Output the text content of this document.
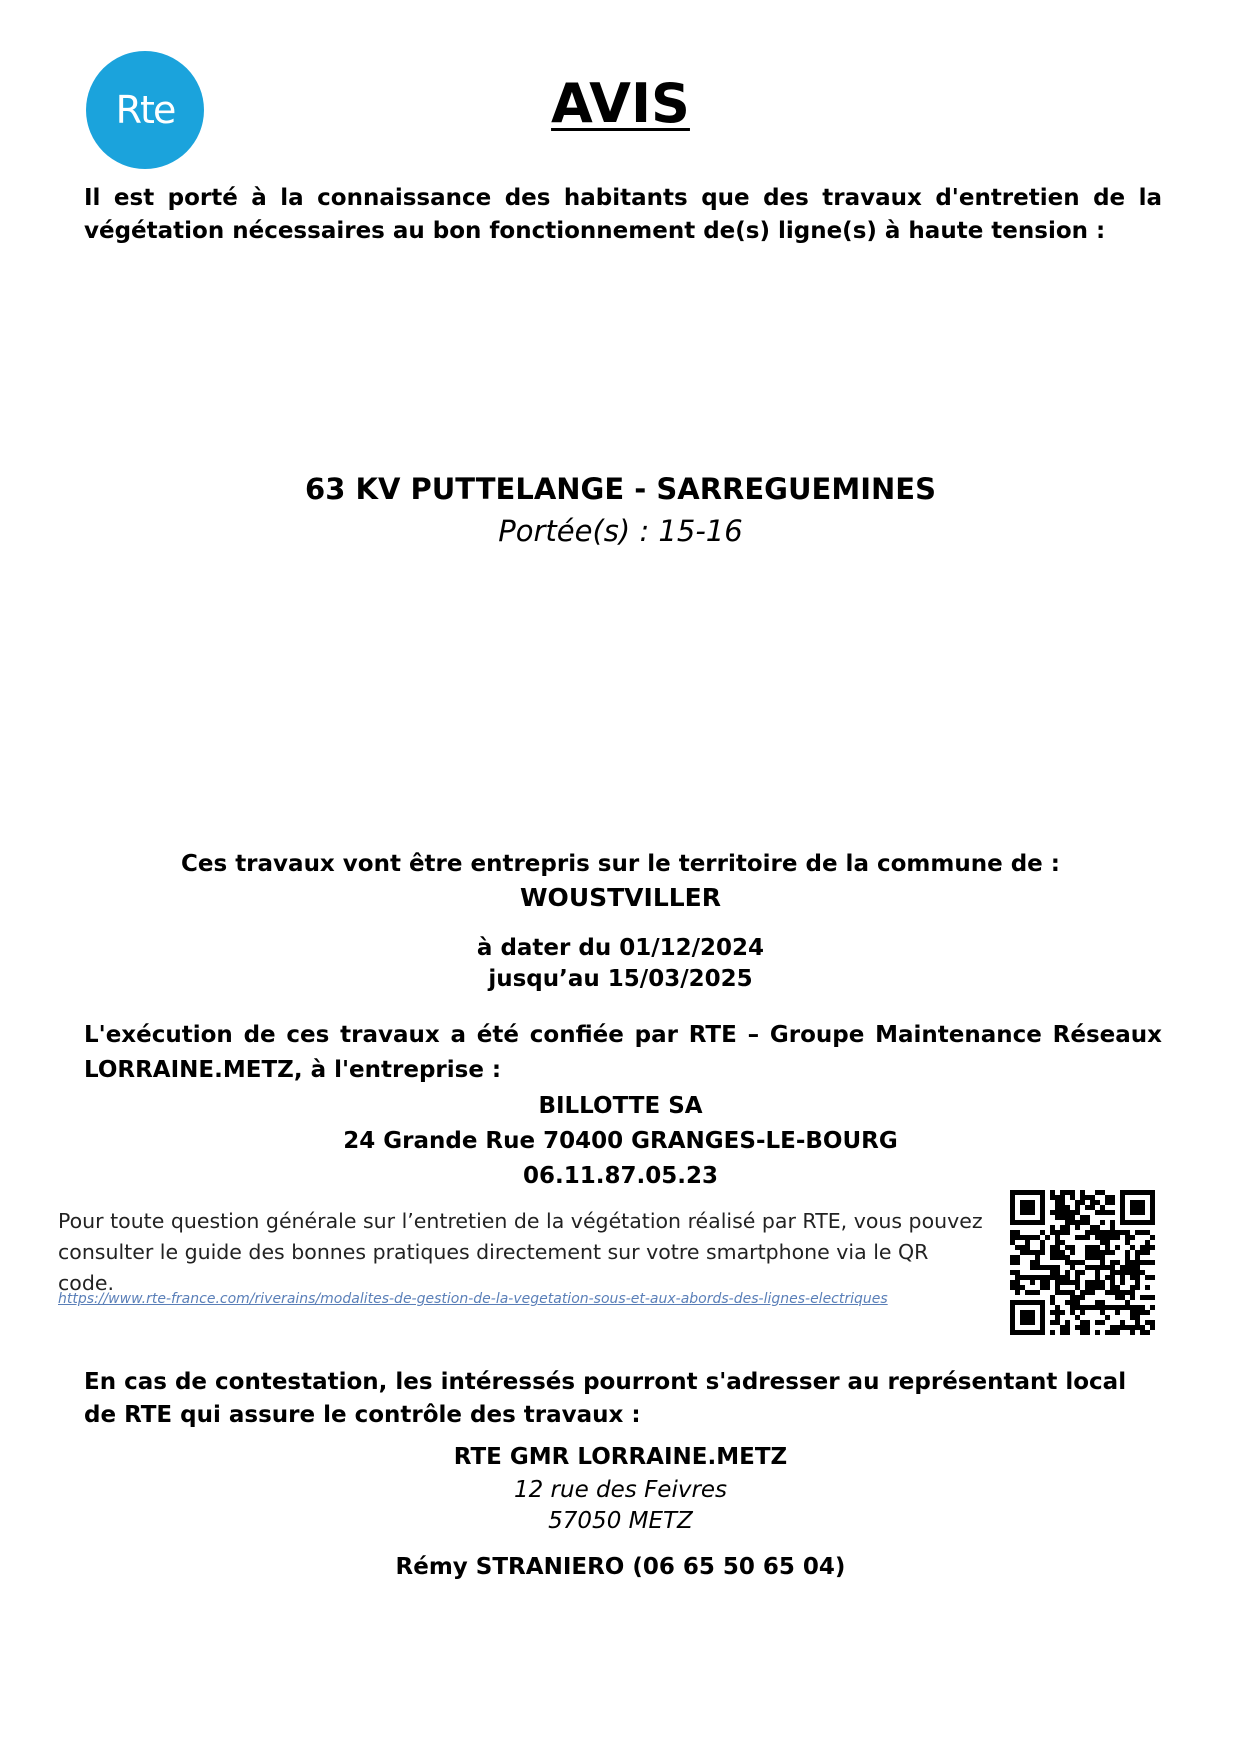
Rte	AVIS
Il est porté à la connaissance des habitants que des travaux d'entretien de la végétation nécessaires au bon fonctionnement de(s) ligne(s) à haute tension :
63 KV PUTTELANGE - SARREGUEMINES
Portée(s) : 15-16
Ces travaux vont être entrepris sur le territoire de la commune de :
WOUSTVILLER
à dater du 01/12/2024
jusqu’au 15/03/2025
L'exécution de ces travaux a été confiée par RTE – Groupe Maintenance Réseaux LORRAINE.METZ, à l'entreprise :
BILLOTTE SA
24 Grande Rue 70400 GRANGES-LE-BOURG
06.11.87.05.23
Pour toute question générale sur l’entretien de la végétation réalisé par RTE, vous pouvez consulter le guide des bonnes pratiques directement sur votre smartphone via le QR code.
https://www.rte-france.com/riverains/modalites-de-gestion-de-la-vegetation-sous-et-aux-abords-des-lignes-electriques
En cas de contestation, les intéressés pourront s'adresser au représentant local de RTE qui assure le contrôle des travaux :
RTE GMR LORRAINE.METZ
12 rue des Feivres
57050 METZ
Rémy STRANIERO (06 65 50 65 04)
